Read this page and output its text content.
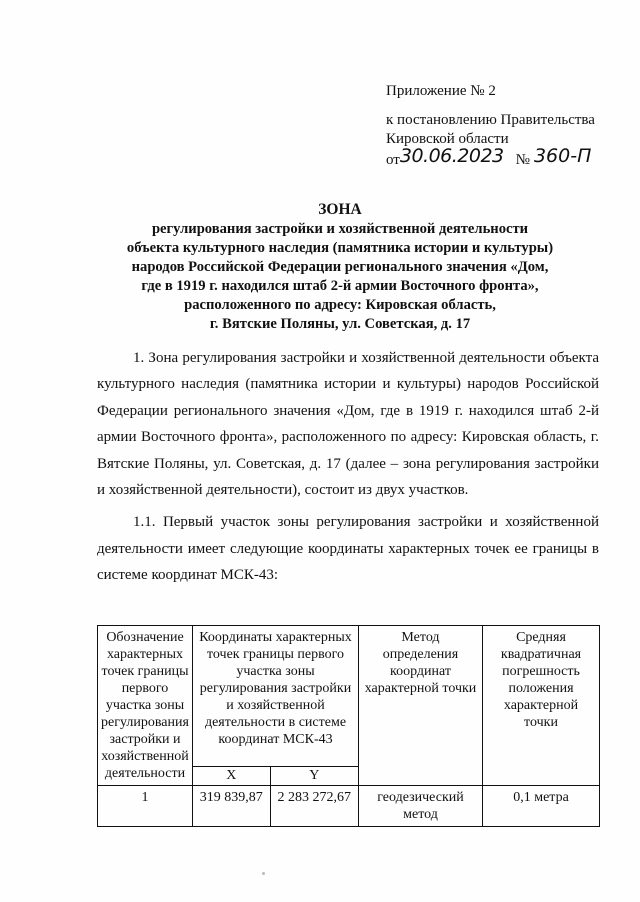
Приложение № 2
к постановлению Правительства
Кировской области
от30.06.2023 № 360-П
ЗОНА
регулирования застройки и хозяйственной деятельности
объекта культурного наследия (памятника истории и культуры)
народов Российской Федерации регионального значения «Дом,
где в 1919 г. находился штаб 2-й армии Восточного фронта»,
расположенного по адресу: Кировская область,
г. Вятские Поляны, ул. Советская, д. 17

1. Зона регулирования застройки и хозяйственной деятельности объекта культурного наследия (памятника истории и культуры) народов Российской Федерации регионального значения «Дом, где в 1919 г. находился штаб 2-й армии Восточного фронта», расположенного по адресу: Кировская область, г. Вятские Поляны, ул. Советская, д. 17 (далее – зона регулирования застройки и хозяйственной деятельности), состоит из двух участков.

1.1. Первый участок зоны регулирования застройки и хозяйственной деятельности имеет следующие координаты характерных точек ее границы в системе координат МСК-43:

Обозначение характерных точек границы первого участка зоны регулирования застройки и хозяйственной деятельности	Координаты характерных точек границы первого участка зоны регулирования застройки и хозяйственной деятельности в системе координат МСК-43		Метод определения координат характерной точки	Средняя квадратичная погрешность положения характерной точки
	X	Y		
1	319 839,87	2 283 272,67	геодезический метод	0,1 метра
